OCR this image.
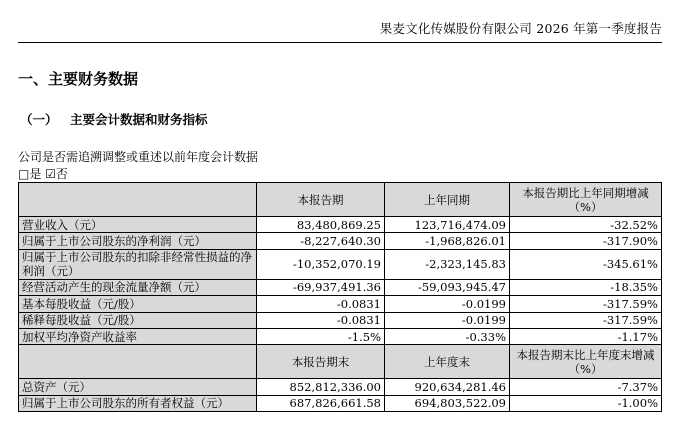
果麦文化传媒股份有限公司 2026 年第一季度报告
一、主要财务数据
（一） 主要会计数据和财务指标
公司是否需追溯调整或重述以前年度会计数据
□是 ☑否
	本报告期	上年同期	本报告期比上年同期增减（%）
营业收入（元）	83,480,869.25	123,716,474.09	-32.52%
归属于上市公司股东的净利润（元）	-8,227,640.30	-1,968,826.01	-317.90%
归属于上市公司股东的扣除非经常性损益的净利润（元）	-10,352,070.19	-2,323,145.83	-345.61%
经营活动产生的现金流量净额（元）	-69,937,491.36	-59,093,945.47	-18.35%
基本每股收益（元/股）	-0.0831	-0.0199	-317.59%
稀释每股收益（元/股）	-0.0831	-0.0199	-317.59%
加权平均净资产收益率	-1.5%	-0.33%	-1.17%
	本报告期末	上年度末	本报告期末比上年度末增减（%）
总资产（元）	852,812,336.00	920,634,281.46	-7.37%
归属于上市公司股东的所有者权益（元）	687,826,661.58	694,803,522.09	-1.00%
